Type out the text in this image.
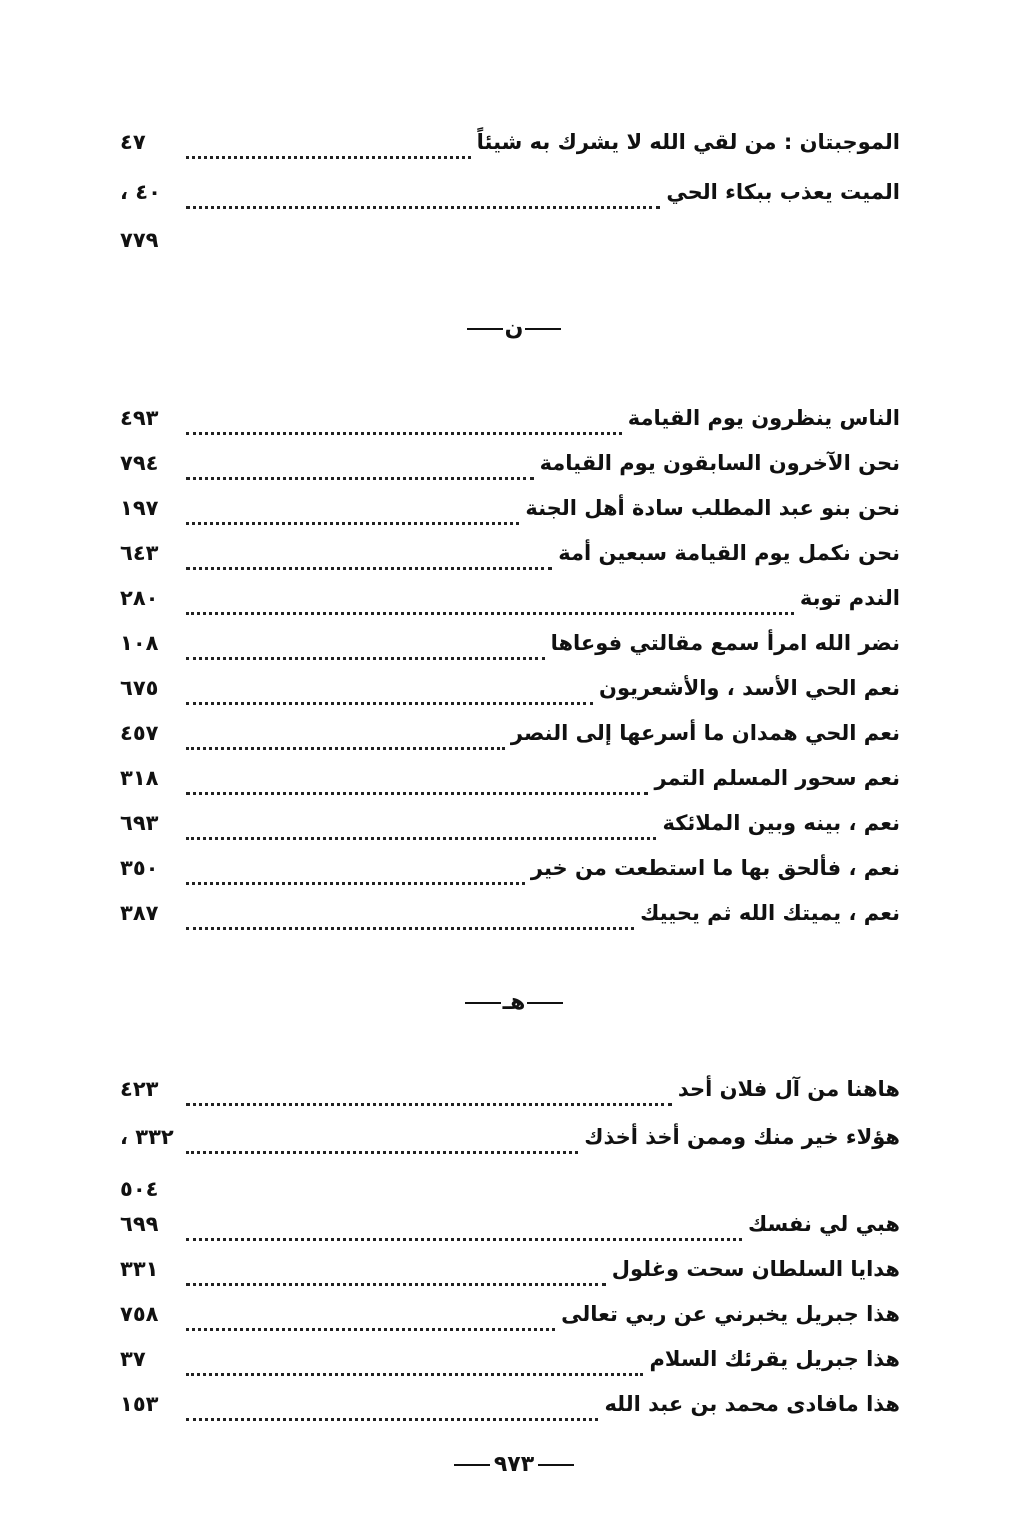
٤٧	الموجبتان : من لقي الله لا يشرك به شيئاً
٤٠ ،	الميت يعذب ببكاء الحي
٧٧٩
ن
٤٩٣	الناس ينظرون يوم القيامة
٧٩٤	نحن الآخرون السابقون يوم القيامة
١٩٧	نحن بنو عبد المطلب سادة أهل الجنة
٦٤٣	نحن نكمل يوم القيامة سبعين أمة
٢٨٠	الندم توبة
١٠٨	نضر الله امرأ سمع مقالتي فوعاها
٦٧٥	نعم الحي الأسد ، والأشعريون
٤٥٧	نعم الحي همدان ما أسرعها إلى النصر
٣١٨	نعم سحور المسلم التمر
٦٩٣	نعم ، بينه وبين الملائكة
٣٥٠	نعم ، فألحق بها ما استطعت من خير
٣٨٧	نعم ، يميتك الله ثم يحييك
هـ
٤٢٣	هاهنا من آل فلان أحد
٣٣٢ ،	هؤلاء خير منك وممن أخذ أخذك
٥٠٤
٦٩٩	هبي لي نفسك
٣٣١	هدايا السلطان سحت وغلول
٧٥٨	هذا جبريل يخبرني عن ربي تعالى
٣٧	هذا جبريل يقرئك السلام
١٥٣	هذا مافادى محمد بن عبد الله
٩٧٣
